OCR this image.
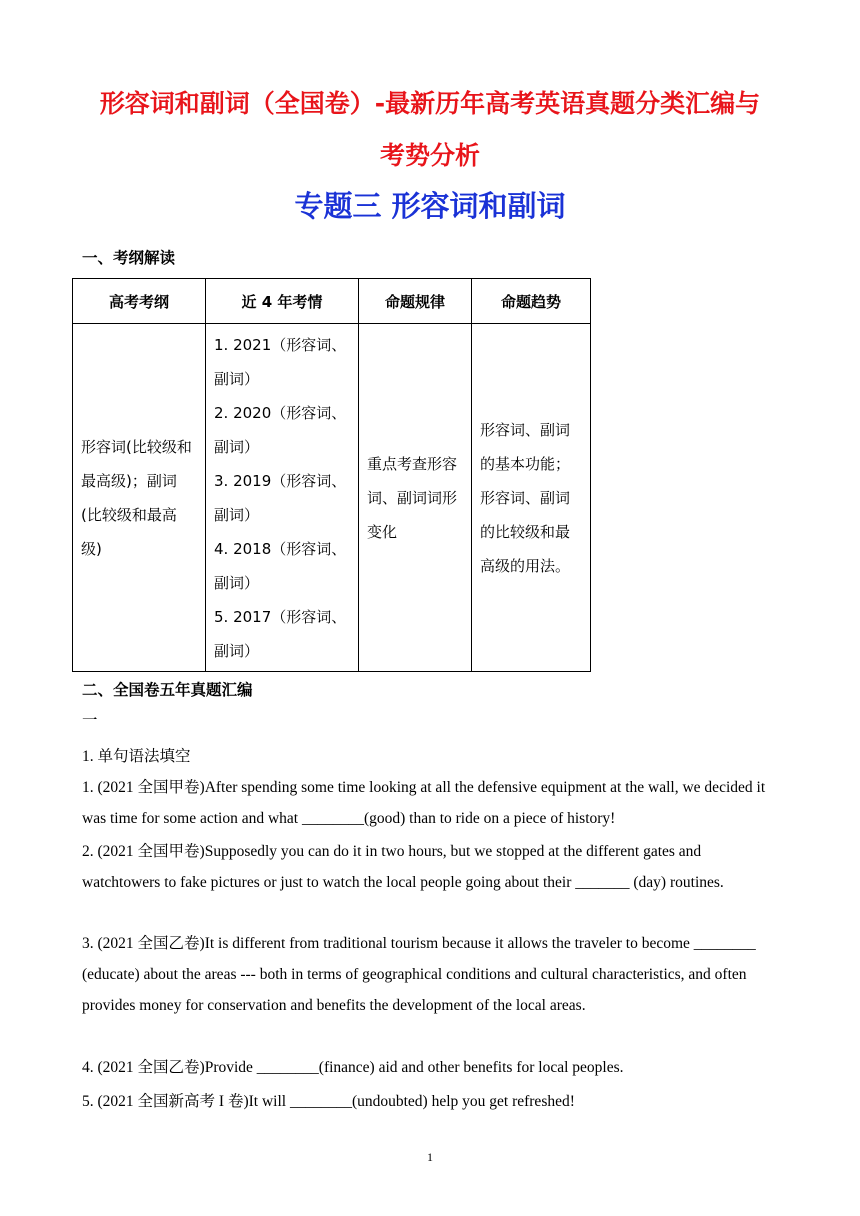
形容词和副词（全国卷）-最新历年高考英语真题分类汇编与
考势分析
专题三 形容词和副词
一、考纲解读
高考考纲	近 4 年考情	命题规律	命题趋势
形容词(比较级和最高级)；副词(比较级和最高级)	1. 2021（形容词、副词）
2. 2020（形容词、副词）
3. 2019（形容词、副词）
4. 2018（形容词、副词）
5. 2017（形容词、副词）	重点考查形容词、副词词形变化	形容词、副词的基本功能；形容词、副词的比较级和最高级的用法。
二、全国卷五年真题汇编
一
1. 单句语法填空
1. (2021 全国甲卷)After spending some time looking at all the defensive equipment at the wall, we decided it was time for some action and what ________(good) than to ride on a piece of history!
2. (2021 全国甲卷)Supposedly you can do it in two hours, but we stopped at the different gates and watchtowers to fake pictures or just to watch the local people going about their _______ (day) routines.
3. (2021 全国乙卷)It is different from traditional tourism because it allows the traveler to become ________ (educate) about the areas --- both in terms of geographical conditions and cultural characteristics, and often provides money for conservation and benefits the development of the local areas.
4. (2021 全国乙卷)Provide ________(finance) aid and other benefits for local peoples.
5. (2021 全国新高考 I 卷)It will ________(undoubted) help you get refreshed!
1
